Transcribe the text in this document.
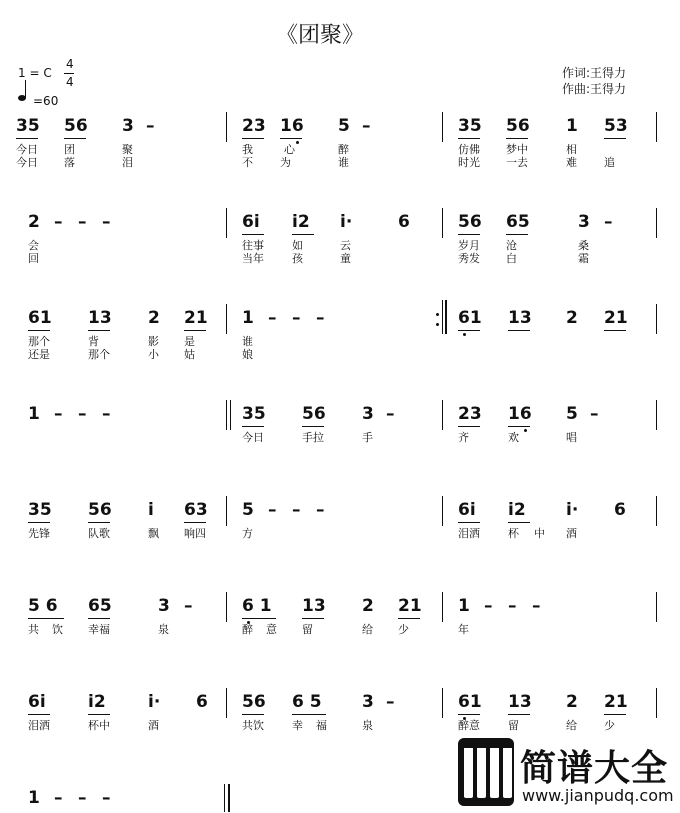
《团聚》
1 = C
4
4
=60
作词:王得力
作曲:王得力
35 56 3 –	23 16 5 –	35 56 1 53
今日 团	聚	我	心	醉	仿佛 梦中	相
今日 落	泪	不 为	谁	时光 一去	难 追
2 – – –	6i i2 i·	6	56 65	3 –
会	往事	如	云	岁月 沧	桑
回	当年	孩	童	秀发 白	霜
61 13 2 21 1 – – –	61 13 2 21
那个	背	影 是	谁
还是	那个	小 姑	娘
1 – – –	35 56 3 –	23 16 5 –
今日	手拉	手	齐	欢	唱
35 56 i 63 5 – – –	6i i2 i· 6
先锋	队歌	飘 响四	方	泪洒	杯 中 酒
5 6 65	3 –	6 1 13 2 21 1 – – –
共 饮 幸福	泉	醉 意 留	给 少	年
6i i2 i· 6 56 6 5 3 –	61 13 2 21
泪洒	杯中	酒	共饮	幸 福	泉	醉意	留	给 少
1 – – –
简谱大全
www.jianpudq.com
